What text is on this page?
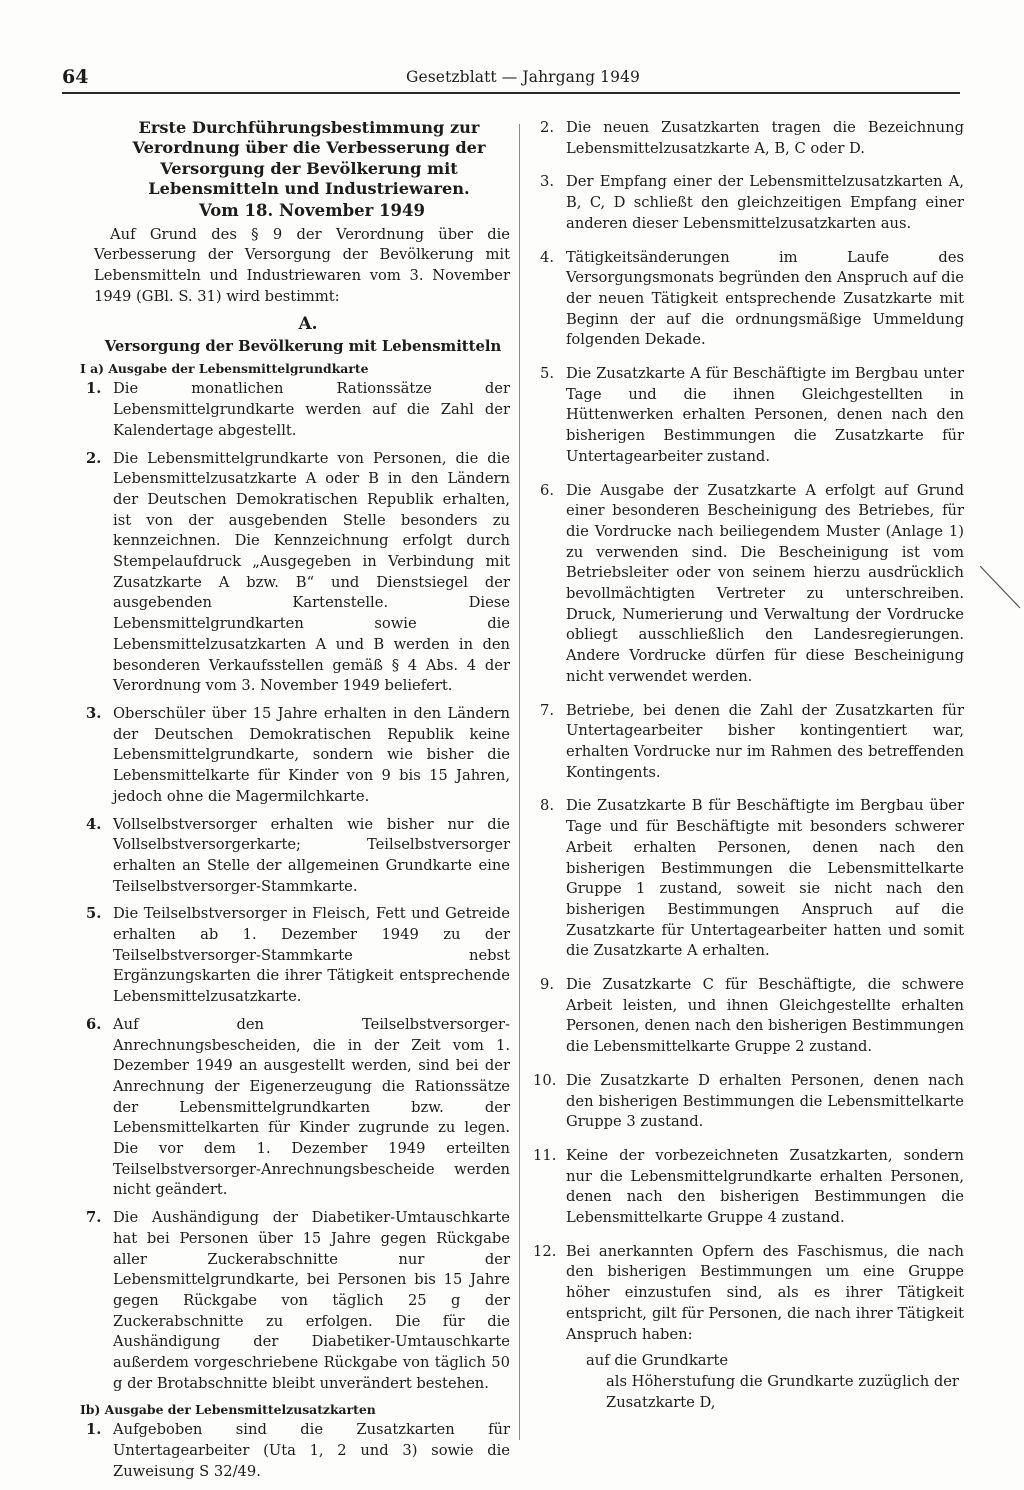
64	Gesetzblatt — Jahrgang 1949
Erste Durchführungsbestimmung zur Verordnung über die Verbesserung der Versorgung der Bevölkerung mit Lebensmitteln und Industriewaren.
Vom 18. November 1949
Auf Grund des § 9 der Verordnung über die Verbesserung der Versorgung der Bevölkerung mit Lebensmitteln und Industriewaren vom 3. November 1949 (GBl. S. 31) wird bestimmt:
A.
Versorgung der Bevölkerung mit Lebensmitteln
I a) Ausgabe der Lebensmittelgrundkarte
1. Die monatlichen Rationssätze der Lebensmittelgrundkarte werden auf die Zahl der Kalendertage abgestellt.
2. Die Lebensmittelgrundkarte von Personen, die die Lebensmittelzusatzkarte A oder B in den Ländern der Deutschen Demokratischen Republik erhalten, ist von der ausgebenden Stelle besonders zu kennzeichnen. Die Kennzeichnung erfolgt durch Stempelaufdruck „Ausgegeben in Verbindung mit Zusatzkarte A bzw. B“ und Dienstsiegel der ausgebenden Kartenstelle. Diese Lebensmittelgrundkarten sowie die Lebensmittelzusatzkarten A und B werden in den besonderen Verkaufsstellen gemäß § 4 Abs. 4 der Verordnung vom 3. November 1949 beliefert.
3. Oberschüler über 15 Jahre erhalten in den Ländern der Deutschen Demokratischen Republik keine Lebensmittelgrundkarte, sondern wie bisher die Lebensmittelkarte für Kinder von 9 bis 15 Jahren, jedoch ohne die Magermilchkarte.
4. Vollselbstversorger erhalten wie bisher nur die Vollselbstversorgerkarte; Teilselbstversorger erhalten an Stelle der allgemeinen Grundkarte eine Teilselbstversorger-Stammkarte.
5. Die Teilselbstversorger in Fleisch, Fett und Getreide erhalten ab 1. Dezember 1949 zu der Teilselbstversorger-Stammkarte nebst Ergänzungskarten die ihrer Tätigkeit entsprechende Lebensmittelzusatzkarte.
6. Auf den Teilselbstversorger-Anrechnungsbescheiden, die in der Zeit vom 1. Dezember 1949 an ausgestellt werden, sind bei der Anrechnung der Eigenerzeugung die Rationssätze der Lebensmittelgrundkarten bzw. der Lebensmittelkarten für Kinder zugrunde zu legen. Die vor dem 1. Dezember 1949 erteilten Teilselbstversorger-Anrechnungsbescheide werden nicht geändert.
7. Die Aushändigung der Diabetiker-Umtauschkarte hat bei Personen über 15 Jahre gegen Rückgabe aller Zuckerabschnitte nur der Lebensmittelgrundkarte, bei Personen bis 15 Jahre gegen Rückgabe von täglich 25 g der Zuckerabschnitte zu erfolgen. Die für die Aushändigung der Diabetiker-Umtauschkarte außerdem vorgeschriebene Rückgabe von täglich 50 g der Brotabschnitte bleibt unverändert bestehen.
Ib) Ausgabe der Lebensmittelzusatzkarten
1. Aufgeboben sind die Zusatzkarten für Untertagearbeiter (Uta 1, 2 und 3) sowie die Zuweisung S 32/49.
2. Die neuen Zusatzkarten tragen die Bezeichnung Lebensmittelzusatzkarte A, B, C oder D.
3. Der Empfang einer der Lebensmittelzusatzkarten A, B, C, D schließt den gleichzeitigen Empfang einer anderen dieser Lebensmittelzusatzkarten aus.
4. Tätigkeitsänderungen im Laufe des Versorgungsmonats begründen den Anspruch auf die der neuen Tätigkeit entsprechende Zusatzkarte mit Beginn der auf die ordnungsmäßige Ummeldung folgenden Dekade.
5. Die Zusatzkarte A für Beschäftigte im Bergbau unter Tage und die ihnen Gleichgestellten in Hüttenwerken erhalten Personen, denen nach den bisherigen Bestimmungen die Zusatzkarte für Untertagearbeiter zustand.
6. Die Ausgabe der Zusatzkarte A erfolgt auf Grund einer besonderen Bescheinigung des Betriebes, für die Vordrucke nach beiliegendem Muster (Anlage 1) zu verwenden sind. Die Bescheinigung ist vom Betriebsleiter oder von seinem hierzu ausdrücklich bevollmächtigten Vertreter zu unterschreiben. Druck, Numerierung und Verwaltung der Vordrucke obliegt ausschließlich den Landesregierungen. Andere Vordrucke dürfen für diese Bescheinigung nicht verwendet werden.
7. Betriebe, bei denen die Zahl der Zusatzkarten für Untertagearbeiter bisher kontingentiert war, erhalten Vordrucke nur im Rahmen des betreffenden Kontingents.
8. Die Zusatzkarte B für Beschäftigte im Bergbau über Tage und für Beschäftigte mit besonders schwerer Arbeit erhalten Personen, denen nach den bisherigen Bestimmungen die Lebensmittelkarte Gruppe 1 zustand, soweit sie nicht nach den bisherigen Bestimmungen Anspruch auf die Zusatzkarte für Untertagearbeiter hatten und somit die Zusatzkarte A erhalten.
9. Die Zusatzkarte C für Beschäftigte, die schwere Arbeit leisten, und ihnen Gleichgestellte erhalten Personen, denen nach den bisherigen Bestimmungen die Lebensmittelkarte Gruppe 2 zustand.
10. Die Zusatzkarte D erhalten Personen, denen nach den bisherigen Bestimmungen die Lebensmittelkarte Gruppe 3 zustand.
11. Keine der vorbezeichneten Zusatzkarten, sondern nur die Lebensmittelgrundkarte erhalten Personen, denen nach den bisherigen Bestimmungen die Lebensmittelkarte Gruppe 4 zustand.
12. Bei anerkannten Opfern des Faschismus, die nach den bisherigen Bestimmungen um eine Gruppe höher einzustufen sind, als es ihrer Tätigkeit entspricht, gilt für Personen, die nach ihrer Tätigkeit Anspruch haben:
auf die Grundkarte
als Höherstufung die Grundkarte zuzüglich der Zusatzkarte D,
